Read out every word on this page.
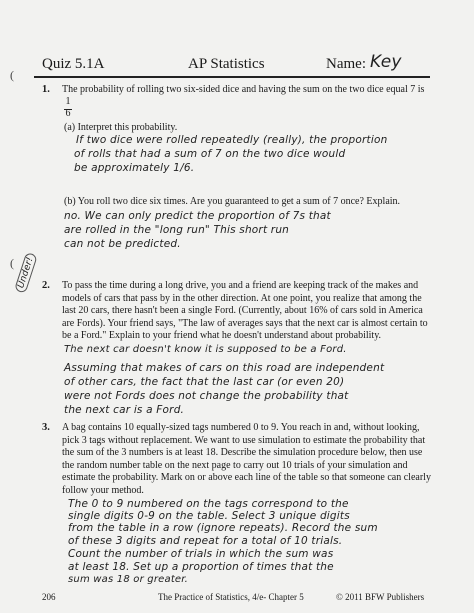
(
( Under!
Quiz 5.1A	AP Statistics	Name: Key
1. The probability of rolling two six-sided dice and having the sum on the two dice equal 7 is
1
6
(a) Interpret this probability.
If two dice were rolled repeatedly (really), the proportion
of rolls that had a sum of 7 on the two dice would
be approximately 1/6.
(b) You roll two dice six times. Are you guaranteed to get a sum of 7 once? Explain.
no. We can only predict the proportion of 7s that
are rolled in the "long run" This short run
can not be predicted.
2. To pass the time during a long drive, you and a friend are keeping track of the makes and
models of cars that pass by in the other direction. At one point, you realize that among the
last 20 cars, there hasn't been a single Ford. (Currently, about 16% of cars sold in America
are Fords). Your friend says, "The law of averages says that the next car is almost certain to
be a Ford." Explain to your friend what he doesn't understand about probability.
The next car doesn't know it is supposed to be a Ford.
Assuming that makes of cars on this road are independent
of other cars, the fact that the last car (or even 20)
were not Fords does not change the probability that
the next car is a Ford.
3. A bag contains 10 equally-sized tags numbered 0 to 9. You reach in and, without looking,
pick 3 tags without replacement. We want to use simulation to estimate the probability that
the sum of the 3 numbers is at least 18. Describe the simulation procedure below, then use
the random number table on the next page to carry out 10 trials of your simulation and
estimate the probability. Mark on or above each line of the table so that someone can clearly
follow your method.
The 0 to 9 numbered on the tags correspond to the
single digits 0-9 on the table. Select 3 unique digits
from the table in a row (ignore repeats). Record the sum
of these 3 digits and repeat for a total of 10 trials.
Count the number of trials in which the sum was
at least 18. Set up a proportion of times that the
sum was 18 or greater.
206	The Practice of Statistics, 4/e- Chapter 5	© 2011 BFW Publishers
